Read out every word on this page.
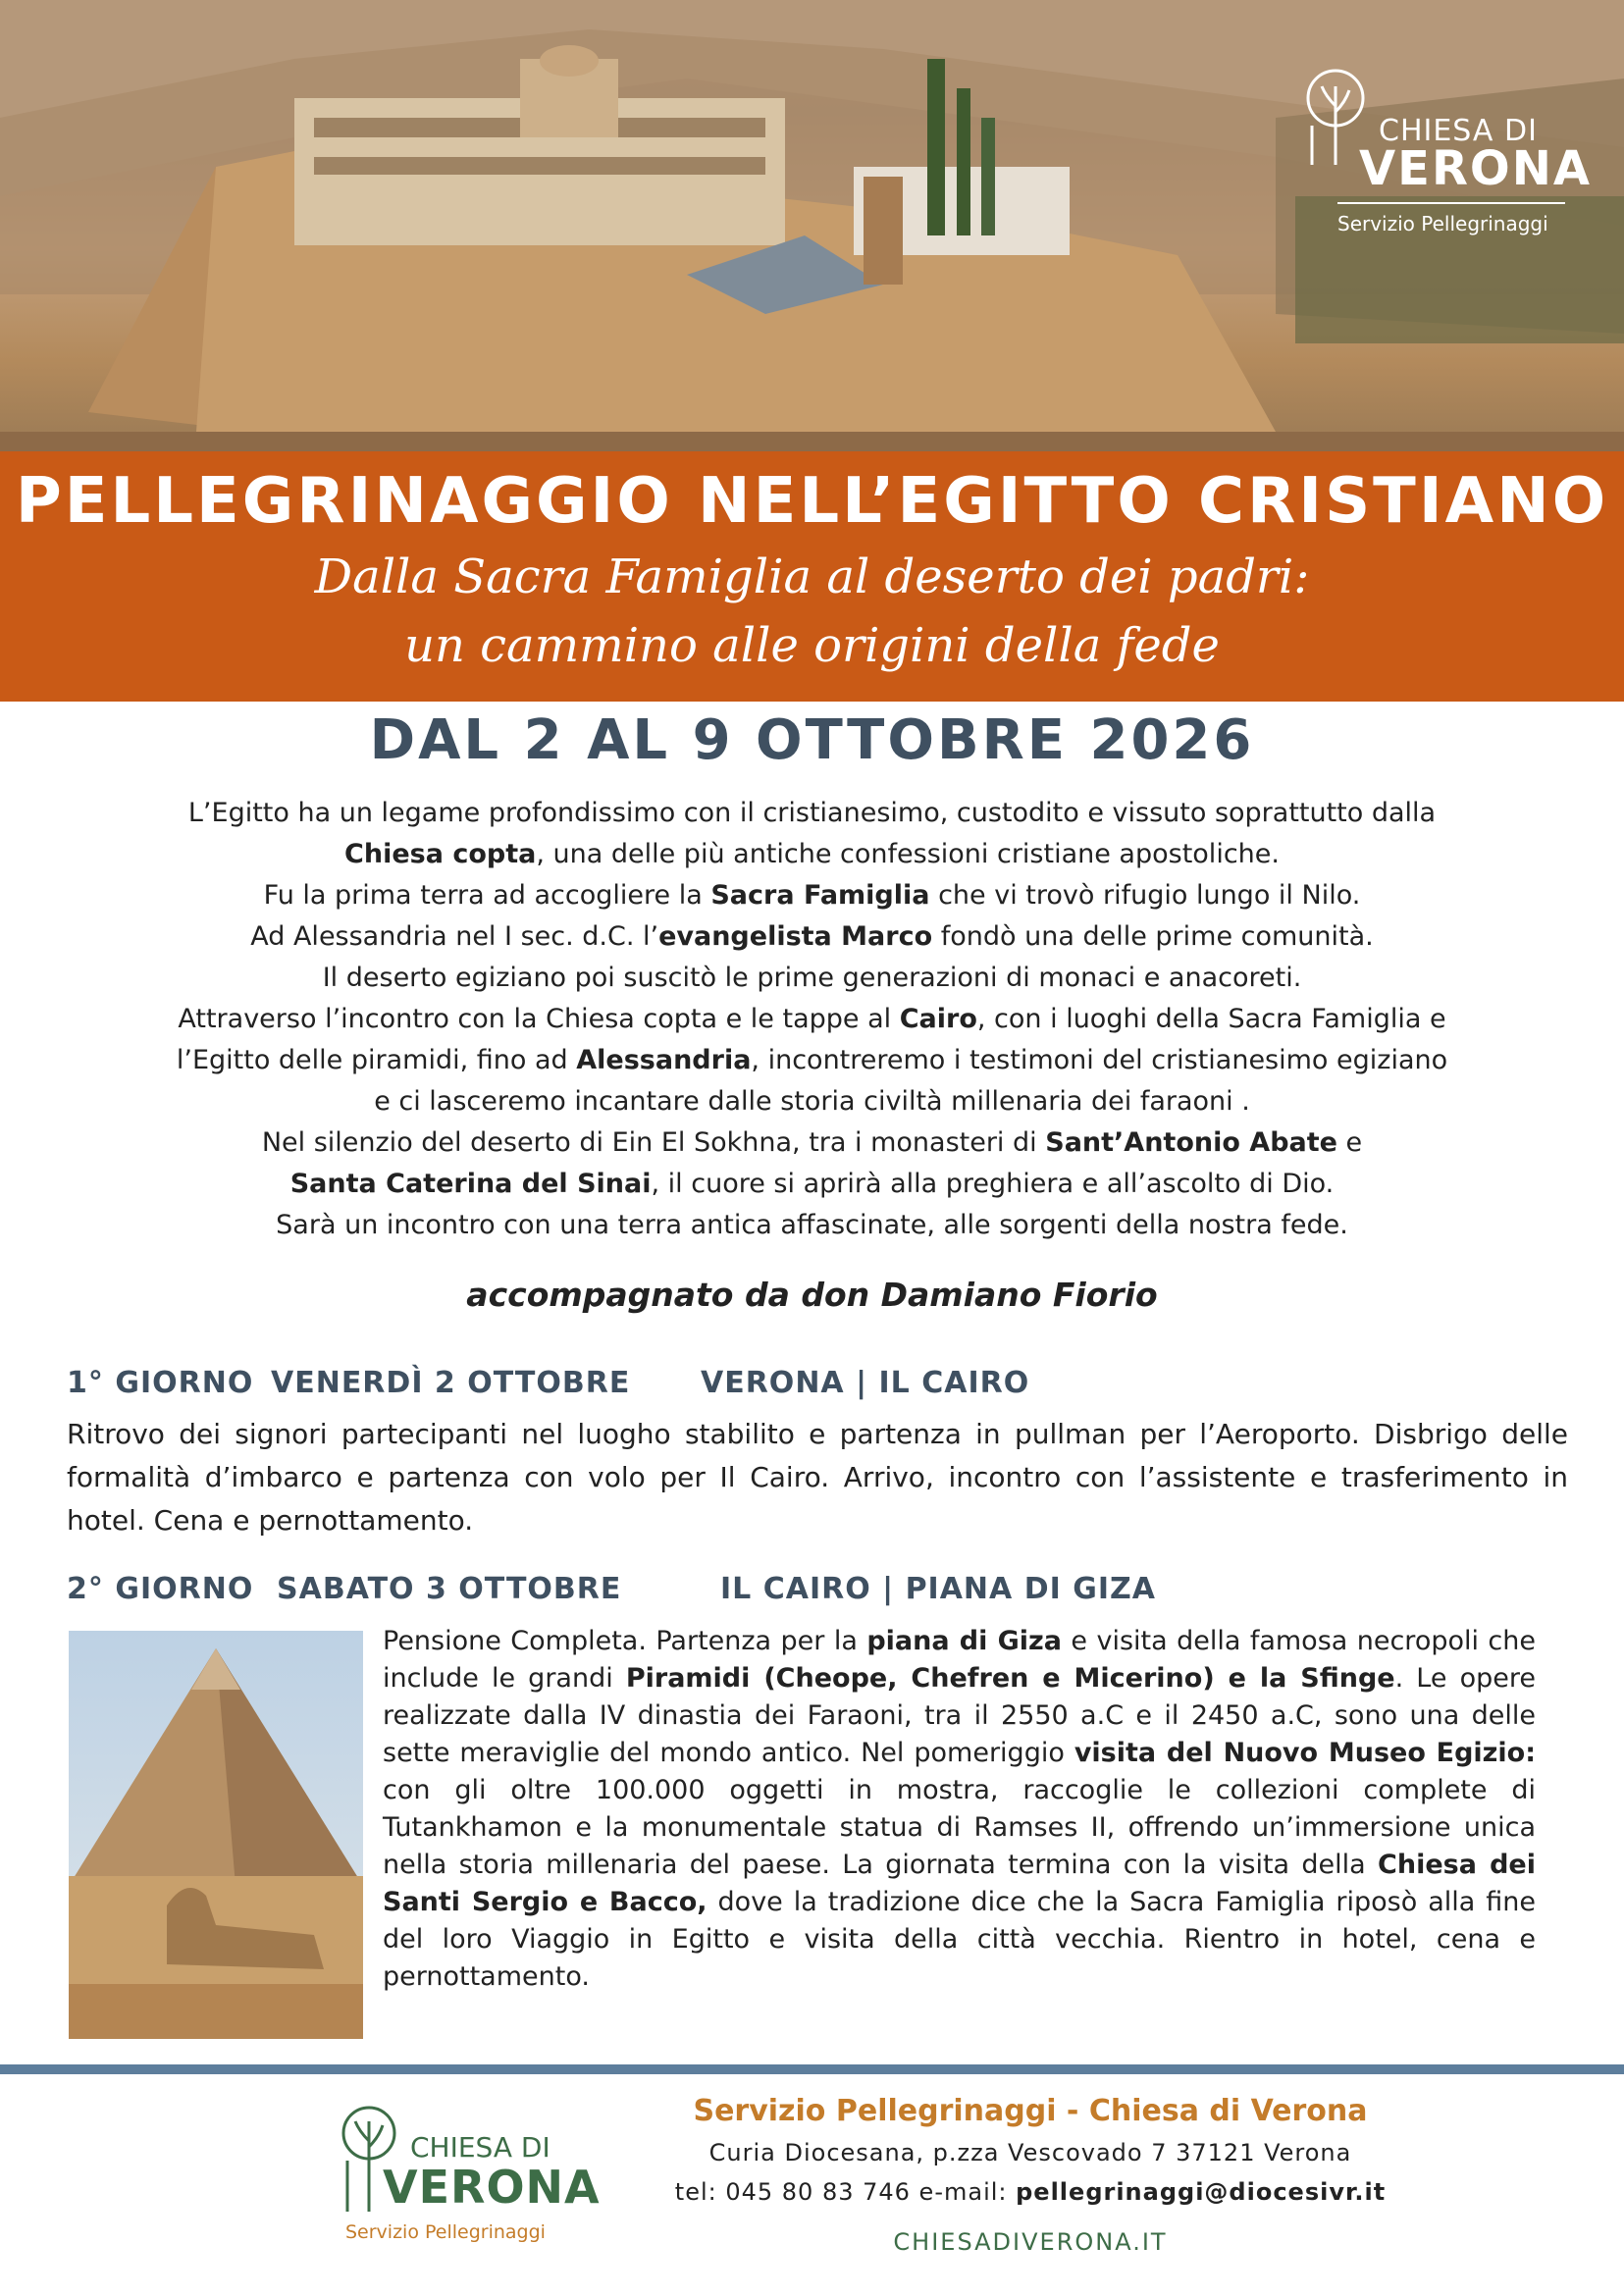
CHIESA DI
VERONA
Servizio Pellegrinaggi
PELLEGRINAGGIO NELL’EGITTO CRISTIANO
Dalla Sacra Famiglia al deserto dei padri:
un cammino alle origini della fede
DAL 2 AL 9 OTTOBRE 2026
L’Egitto ha un legame profondissimo con il cristianesimo, custodito e vissuto soprattutto dalla
Chiesa copta, una delle più antiche confessioni cristiane apostoliche.
Fu la prima terra ad accogliere la Sacra Famiglia che vi trovò rifugio lungo il Nilo.
Ad Alessandria nel I sec. d.C. l’evangelista Marco fondò una delle prime comunità.
Il deserto egiziano poi suscitò le prime generazioni di monaci e anacoreti.
Attraverso l’incontro con la Chiesa copta e le tappe al Cairo, con i luoghi della Sacra Famiglia e
l’Egitto delle piramidi, fino ad Alessandria, incontreremo i testimoni del cristianesimo egiziano
e ci lasceremo incantare dalle storia civiltà millenaria dei faraoni .
Nel silenzio del deserto di Ein El Sokhna, tra i monasteri di Sant’Antonio Abate e
Santa Caterina del Sinai, il cuore si aprirà alla preghiera e all’ascolto di Dio.
Sarà un incontro con una terra antica affascinate, alle sorgenti della nostra fede.
accompagnato da don Damiano Fiorio
1° GIORNO VENERDÌ 2 OTTOBRE VERONA | IL CAIRO
Ritrovo dei signori partecipanti nel luogho stabilito e partenza in pullman per l’Aeroporto. Disbrigo delle formalità d’imbarco e partenza con volo per Il Cairo. Arrivo, incontro con l’assistente e trasferimento in hotel. Cena e pernottamento.
2° GIORNO SABATO 3 OTTOBRE	IL CAIRO | PIANA DI GIZA
Pensione Completa. Partenza per la piana di Giza e visita della famosa necropoli che include le grandi Piramidi (Cheope, Chefren e Micerino) e la Sfinge. Le opere realizzate dalla IV dinastia dei Faraoni, tra il 2550 a.C e il 2450 a.C, sono una delle sette meraviglie del mondo antico. Nel pomeriggio visita del Nuovo Museo Egizio: con gli oltre 100.000 oggetti in mostra, raccoglie le collezioni complete di Tutankhamon e la monumentale statua di Ramses II, offrendo un’immersione unica nella storia millenaria del paese. La giornata termina con la visita della Chiesa dei Santi Sergio e Bacco, dove la tradizione dice che la Sacra Famiglia riposò alla fine del loro Viaggio in Egitto e visita della città vecchia. Rientro in hotel, cena e pernottamento.
CHIESA DI
VERONA
Servizio Pellegrinaggi
Servizio Pellegrinaggi - Chiesa di Verona
Curia Diocesana, p.zza Vescovado 7 37121 Verona
tel: 045 80 83 746 e-mail: pellegrinaggi@diocesivr.it
CHIESADIVERONA.IT
